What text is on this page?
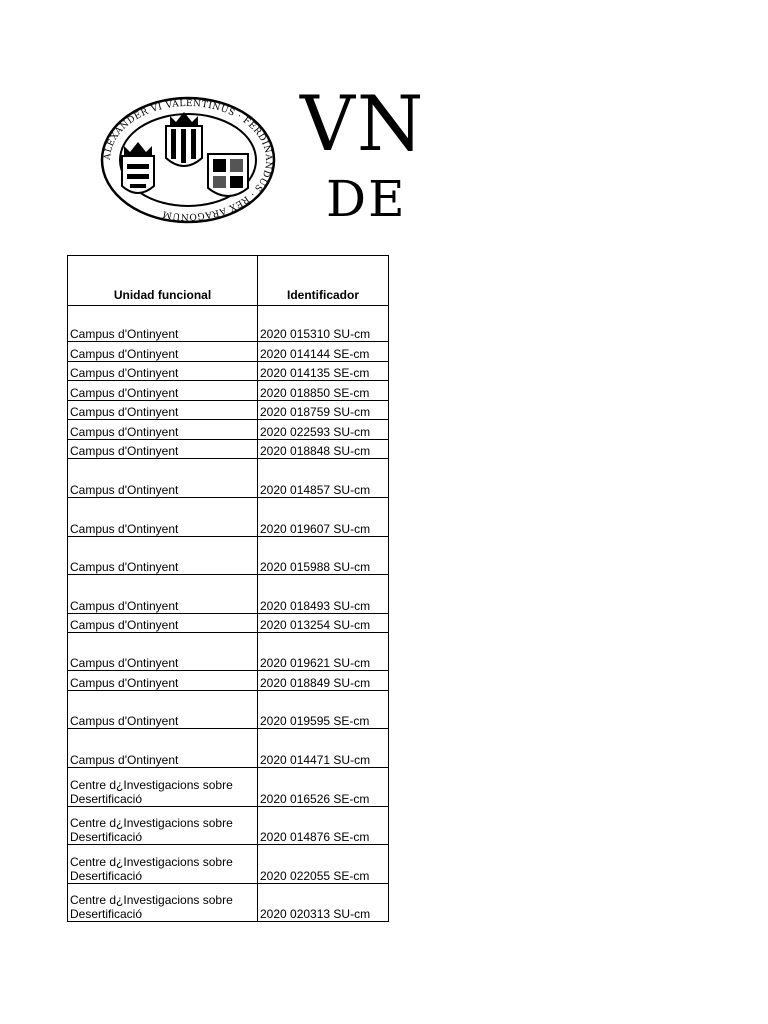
ALEXANDER VI VALENTINUS · FERDINANDUS · REX ARAGONUM
VN
DE
Unidad funcional	Identificador
Campus d'Ontinyent	2020 015310 SU-cm
Campus d'Ontinyent	2020 014144 SE-cm
Campus d'Ontinyent	2020 014135 SE-cm
Campus d'Ontinyent	2020 018850 SE-cm
Campus d'Ontinyent	2020 018759 SU-cm
Campus d'Ontinyent	2020 022593 SU-cm
Campus d'Ontinyent	2020 018848 SU-cm
Campus d'Ontinyent	2020 014857 SU-cm
Campus d'Ontinyent	2020 019607 SU-cm
Campus d'Ontinyent	2020 015988 SU-cm
Campus d'Ontinyent	2020 018493 SU-cm
Campus d'Ontinyent	2020 013254 SU-cm
Campus d'Ontinyent	2020 019621 SU-cm
Campus d'Ontinyent	2020 018849 SU-cm
Campus d'Ontinyent	2020 019595 SE-cm
Campus d'Ontinyent	2020 014471 SU-cm
Centre d¿Investigacions sobre Desertificació	2020 016526 SE-cm
Centre d¿Investigacions sobre Desertificació	2020 014876 SE-cm
Centre d¿Investigacions sobre Desertificació	2020 022055 SE-cm
Centre d¿Investigacions sobre Desertificació	2020 020313 SU-cm
